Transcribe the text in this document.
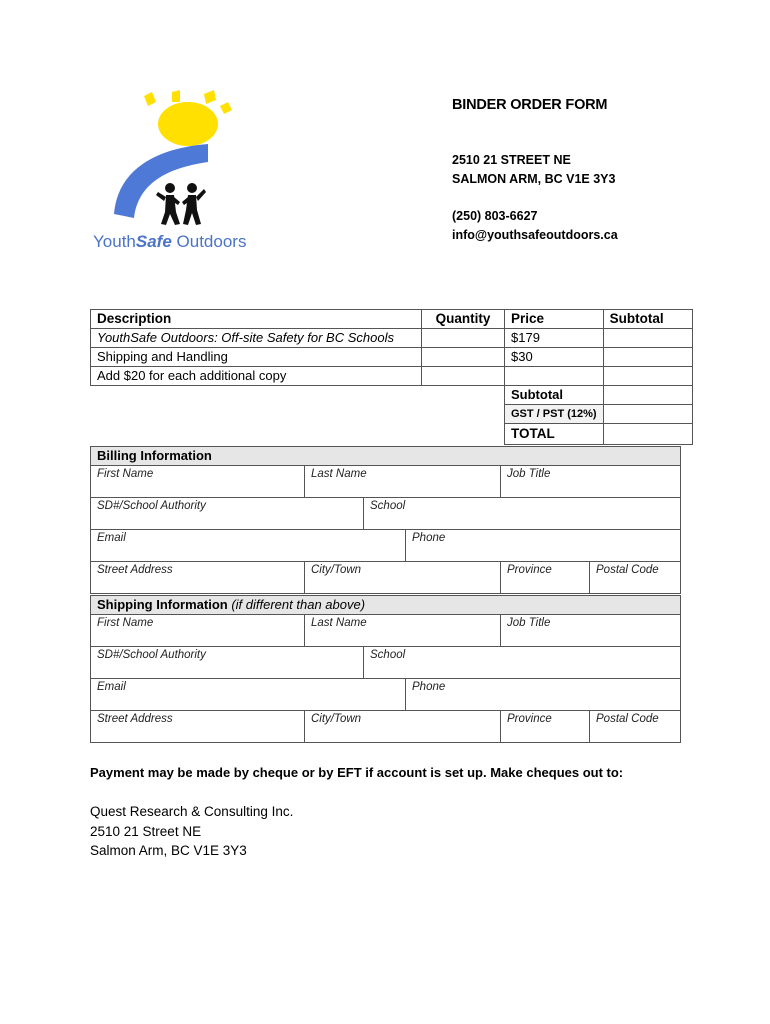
YouthSafe Outdoors
BINDER ORDER FORM
2510 21 STREET NE
SALMON ARM, BC V1E 3Y3
(250) 803-6627
info@youthsafeoutdoors.ca
Description	Quantity	Price	Subtotal
YouthSafe Outdoors: Off-site Safety for BC Schools		$179	
Shipping and Handling		$30	
Add $20 for each additional copy			
		Subtotal	
		GST / PST (12%)	
		TOTAL	
Billing Information
First Name	Last Name	Job Title
SD#/School Authority	School
Email	Phone
Street Address	City/Town	Province	Postal Code
Shipping Information (if different than above)
First Name	Last Name	Job Title
SD#/School Authority	School
Email	Phone
Street Address	City/Town	Province	Postal Code
Payment may be made by cheque or by EFT if account is set up. Make cheques out to:
Quest Research & Consulting Inc.
2510 21 Street NE
Salmon Arm, BC V1E 3Y3
